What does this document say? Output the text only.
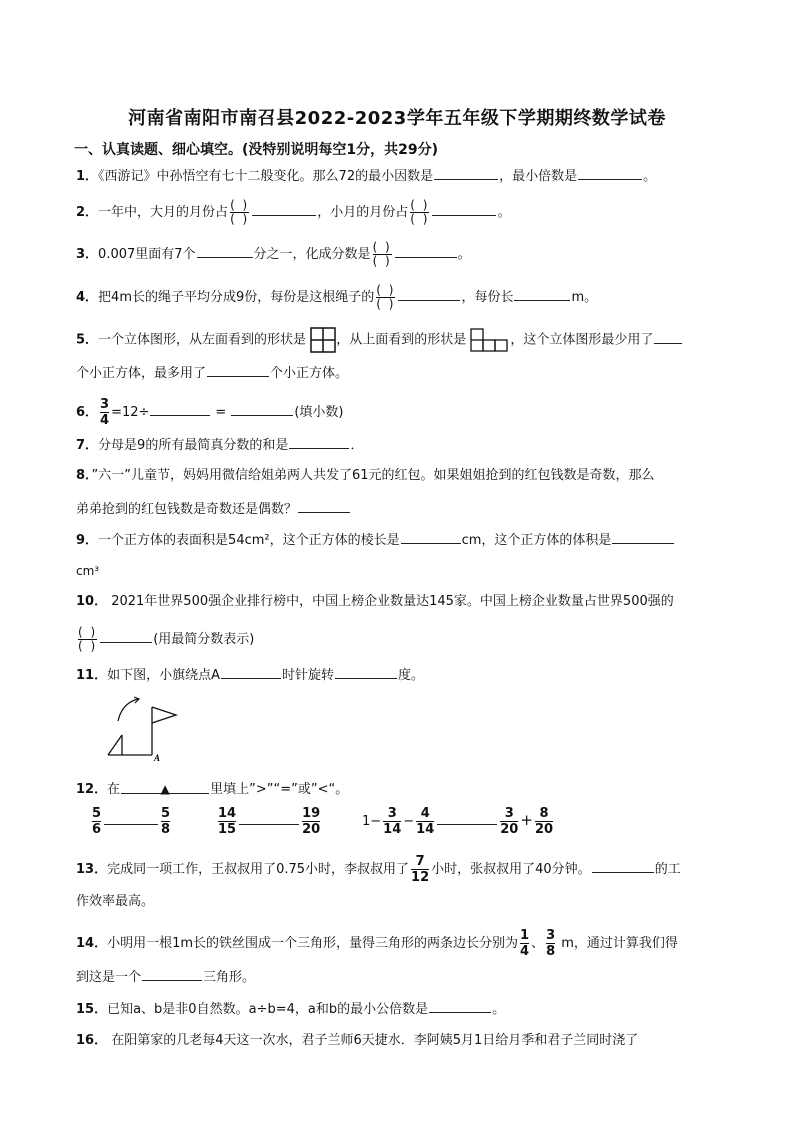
河南省南阳市南召县2022-2023学年五年级下学期期终数学试卷
一、认真读题、细心填空。(没特别说明每空1分，共29分)
1．《西游记》中孙悟空有七十二般变化。那么72的最小因数是	，最小倍数是	。
2．一年中，大月的月份占 $\frac{( )}{( )}$	，小月的月份占 $\frac{( )}{( )}$	。
3．0.007里面有7个	分之一，化成分数是 $\frac{( )}{( )}$	。
4．把4m长的绳子平均分成9份，每份是这根绳子的 $\frac{( )}{( )}$	，每份长	m。
5．一个立体图形，从左面看到的形状是 ，从上面看到的形状是	，这个立体图形最少用了
个小正方体，最多用了	个小正方体。
6． $\frac{3}{4} =12\div$	=	(填小数)
7．分母是9的所有最简真分数的和是	．
8．”六一”儿童节，妈妈用微信给姐弟两人共发了61元的红包。如果姐姐抢到的红包钱数是奇数，那么
弟弟抢到的红包钱数是奇数还是偶数？
9．一个正方体的表面积是54cm²，这个正方体的棱长是	cm，这个正方体的体积是
cm³
10． 2021年世界500强企业排行榜中，中国上榜企业数量达145家。中国上榜企业数量占世界500强的
$\frac{( )}{( )}$	(用最简分数表示)
11．如下图，小旗绕点A	时针旋转	度。
A
12．在	▲	里填上”>”“=”或”<“。
$\frac{5}{6}$	$\frac{5}{8}$	$\frac{14}{15}$	$\frac{19}{20}$	$1- \frac{3}{14} - \frac{4}{14}$	$\frac{3}{20} + \frac{8}{20}$
13．完成同一项工作，王叔叔用了0.75小时，李叔叔用了 $\frac{7}{12}$ 小时，张叔叔用了40分钟。	的工
作效率最高。
14．小明用一根1m长的铁丝围成一个三角形，量得三角形的两条边长分别为 $\frac{1}{4}$ 、 $\frac{3}{8}$ m，通过计算我们得
到这是一个	三角形。
15．已知a、b是非0自然数。a÷b=4，a和b的最小公倍数是	。
16． 在阳第家的几老每4天这一次水，君子兰师6天捷水．李阿姨5月1日给月季和君子兰同时浇了
